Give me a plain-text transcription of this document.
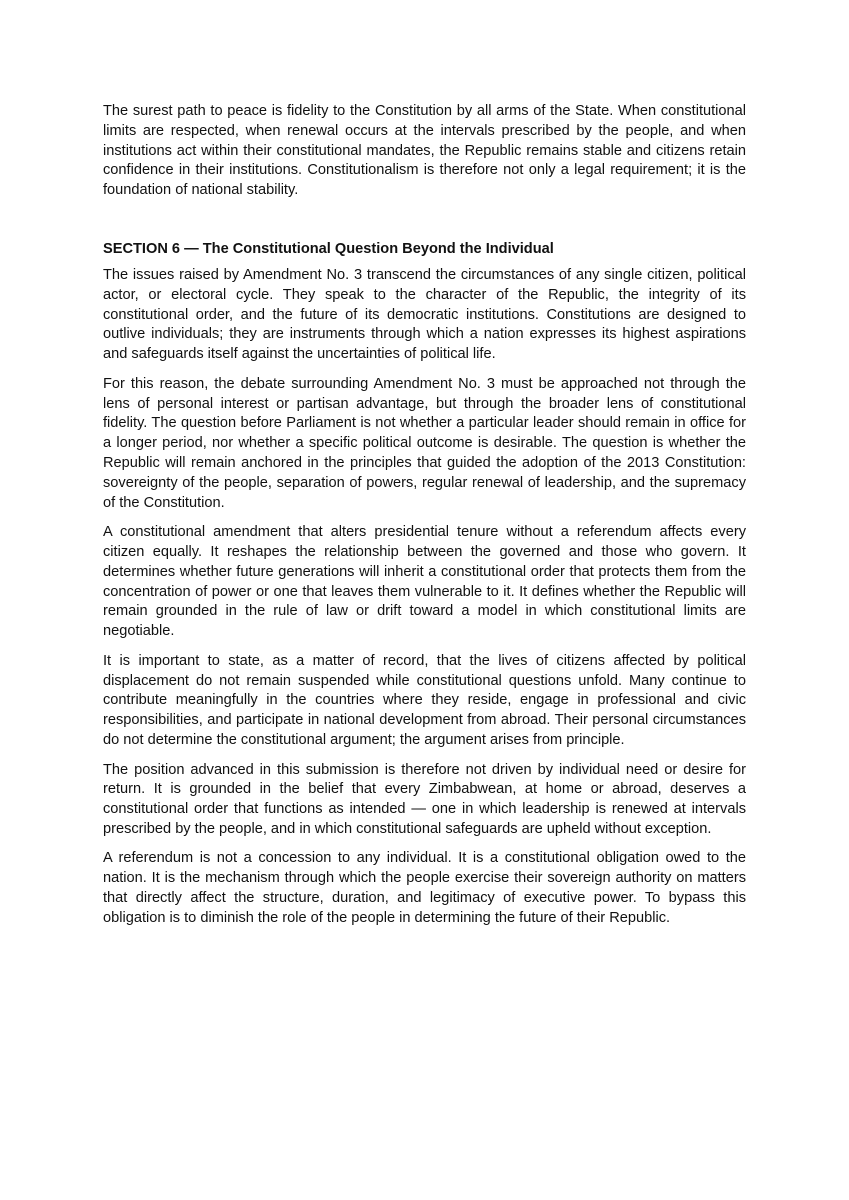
The surest path to peace is fidelity to the Constitution by all arms of the State. When constitutional limits are respected, when renewal occurs at the intervals prescribed by the people, and when institutions act within their constitutional mandates, the Republic remains stable and citizens retain confidence in their institutions. Constitutionalism is therefore not only a legal requirement; it is the foundation of national stability.

SECTION 6 — The Constitutional Question Beyond the Individual

The issues raised by Amendment No. 3 transcend the circumstances of any single citizen, political actor, or electoral cycle. They speak to the character of the Republic, the integrity of its constitutional order, and the future of its democratic institutions. Constitutions are designed to outlive individuals; they are instruments through which a nation expresses its highest aspirations and safeguards itself against the uncertainties of political life.

For this reason, the debate surrounding Amendment No. 3 must be approached not through the lens of personal interest or partisan advantage, but through the broader lens of constitutional fidelity. The question before Parliament is not whether a particular leader should remain in office for a longer period, nor whether a specific political outcome is desirable. The question is whether the Republic will remain anchored in the principles that guided the adoption of the 2013 Constitution: sovereignty of the people, separation of powers, regular renewal of leadership, and the supremacy of the Constitution.

A constitutional amendment that alters presidential tenure without a referendum affects every citizen equally. It reshapes the relationship between the governed and those who govern. It determines whether future generations will inherit a constitutional order that protects them from the concentration of power or one that leaves them vulnerable to it. It defines whether the Republic will remain grounded in the rule of law or drift toward a model in which constitutional limits are negotiable.

It is important to state, as a matter of record, that the lives of citizens affected by political displacement do not remain suspended while constitutional questions unfold. Many continue to contribute meaningfully in the countries where they reside, engage in professional and civic responsibilities, and participate in national development from abroad. Their personal circumstances do not determine the constitutional argument; the argument arises from principle.

The position advanced in this submission is therefore not driven by individual need or desire for return. It is grounded in the belief that every Zimbabwean, at home or abroad, deserves a constitutional order that functions as intended — one in which leadership is renewed at intervals prescribed by the people, and in which constitutional safeguards are upheld without exception.

A referendum is not a concession to any individual. It is a constitutional obligation owed to the nation. It is the mechanism through which the people exercise their sovereign authority on matters that directly affect the structure, duration, and legitimacy of executive power. To bypass this obligation is to diminish the role of the people in determining the future of their Republic.
